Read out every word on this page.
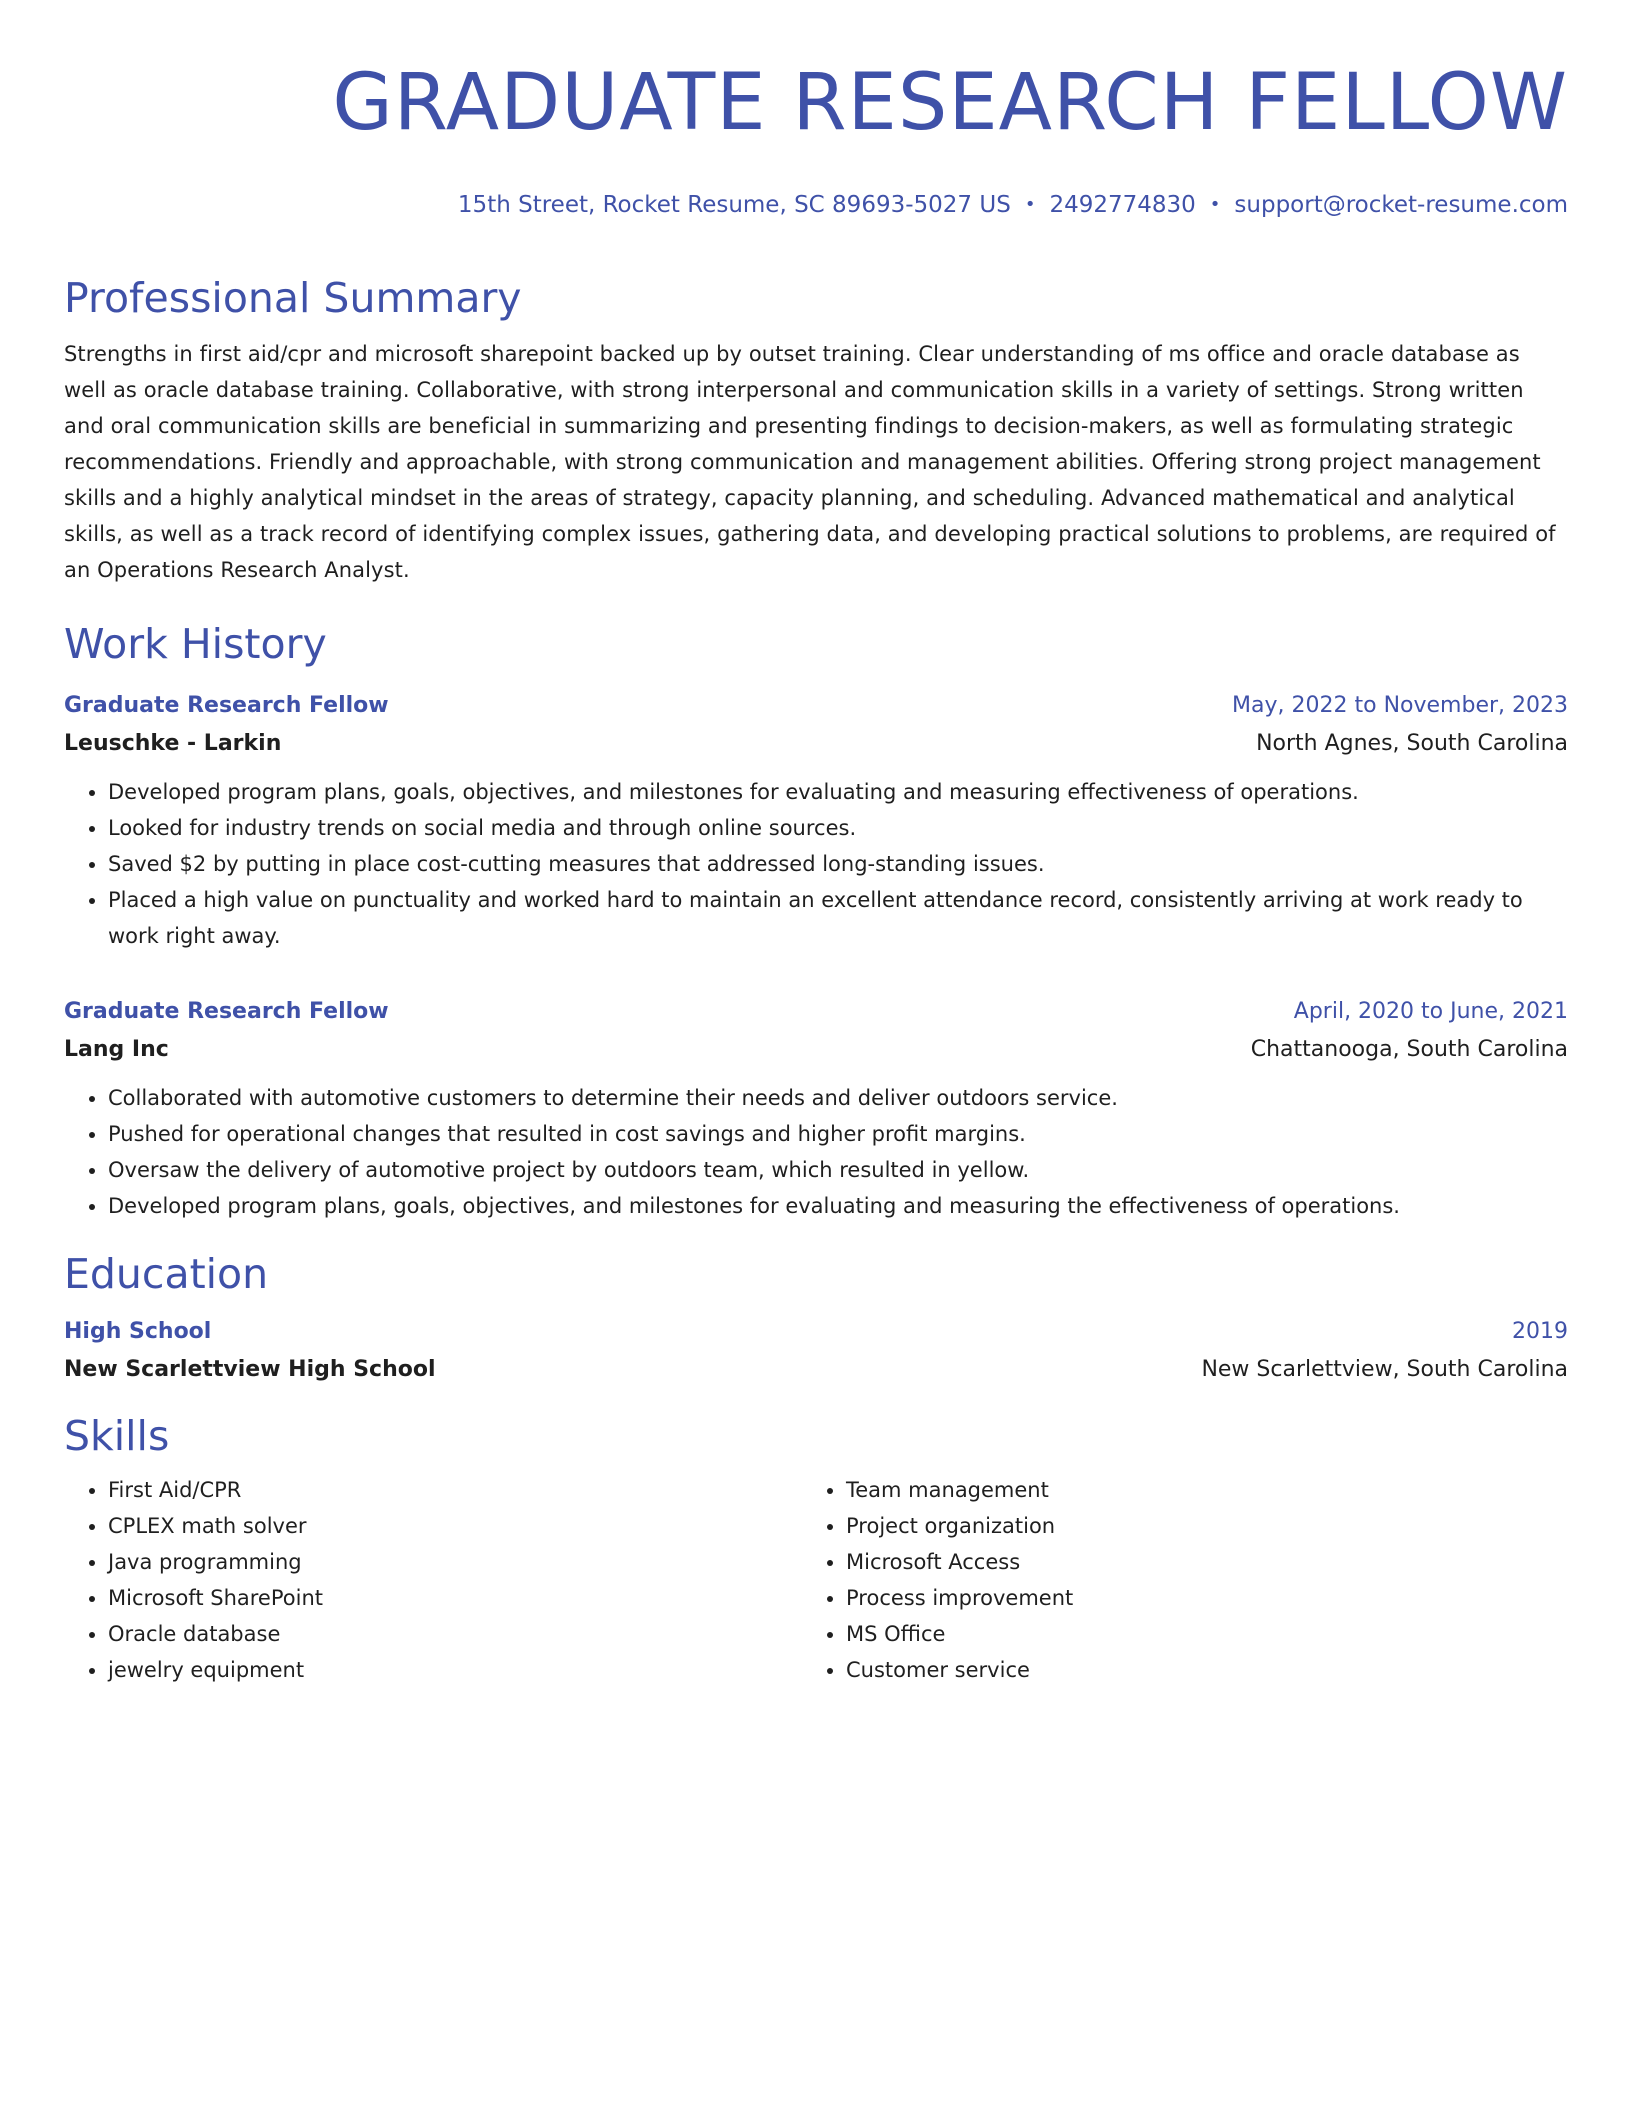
GRADUATE RESEARCH FELLOW
15th Street, Rocket Resume, SC 89693-5027 US • 2492774830 • support@rocket-resume.com
Professional Summary
Strengths in first aid/cpr and microsoft sharepoint backed up by outset training. Clear understanding of ms office and oracle database as well as oracle database training. Collaborative, with strong interpersonal and communication skills in a variety of settings. Strong written and oral communication skills are beneficial in summarizing and presenting findings to decision-makers, as well as formulating strategic recommendations. Friendly and approachable, with strong communication and management abilities. Offering strong project management skills and a highly analytical mindset in the areas of strategy, capacity planning, and scheduling. Advanced mathematical and analytical skills, as well as a track record of identifying complex issues, gathering data, and developing practical solutions to problems, are required of an Operations Research Analyst.
Work History
Graduate Research Fellow	May, 2022 to November, 2023
Leuschke - Larkin	North Agnes, South Carolina
• Developed program plans, goals, objectives, and milestones for evaluating and measuring effectiveness of operations.
• Looked for industry trends on social media and through online sources.
• Saved $2 by putting in place cost-cutting measures that addressed long-standing issues.
• Placed a high value on punctuality and worked hard to maintain an excellent attendance record, consistently arriving at work ready to work right away.
Graduate Research Fellow	April, 2020 to June, 2021
Lang Inc	Chattanooga, South Carolina
• Collaborated with automotive customers to determine their needs and deliver outdoors service.
• Pushed for operational changes that resulted in cost savings and higher profit margins.
• Oversaw the delivery of automotive project by outdoors team, which resulted in yellow.
• Developed program plans, goals, objectives, and milestones for evaluating and measuring the effectiveness of operations.
Education
High School	2019
New Scarlettview High School	New Scarlettview, South Carolina
Skills
• First Aid/CPR
• CPLEX math solver
• Java programming
• Microsoft SharePoint
• Oracle database
• jewelry equipment
• Team management
• Project organization
• Microsoft Access
• Process improvement
• MS Office
• Customer service
